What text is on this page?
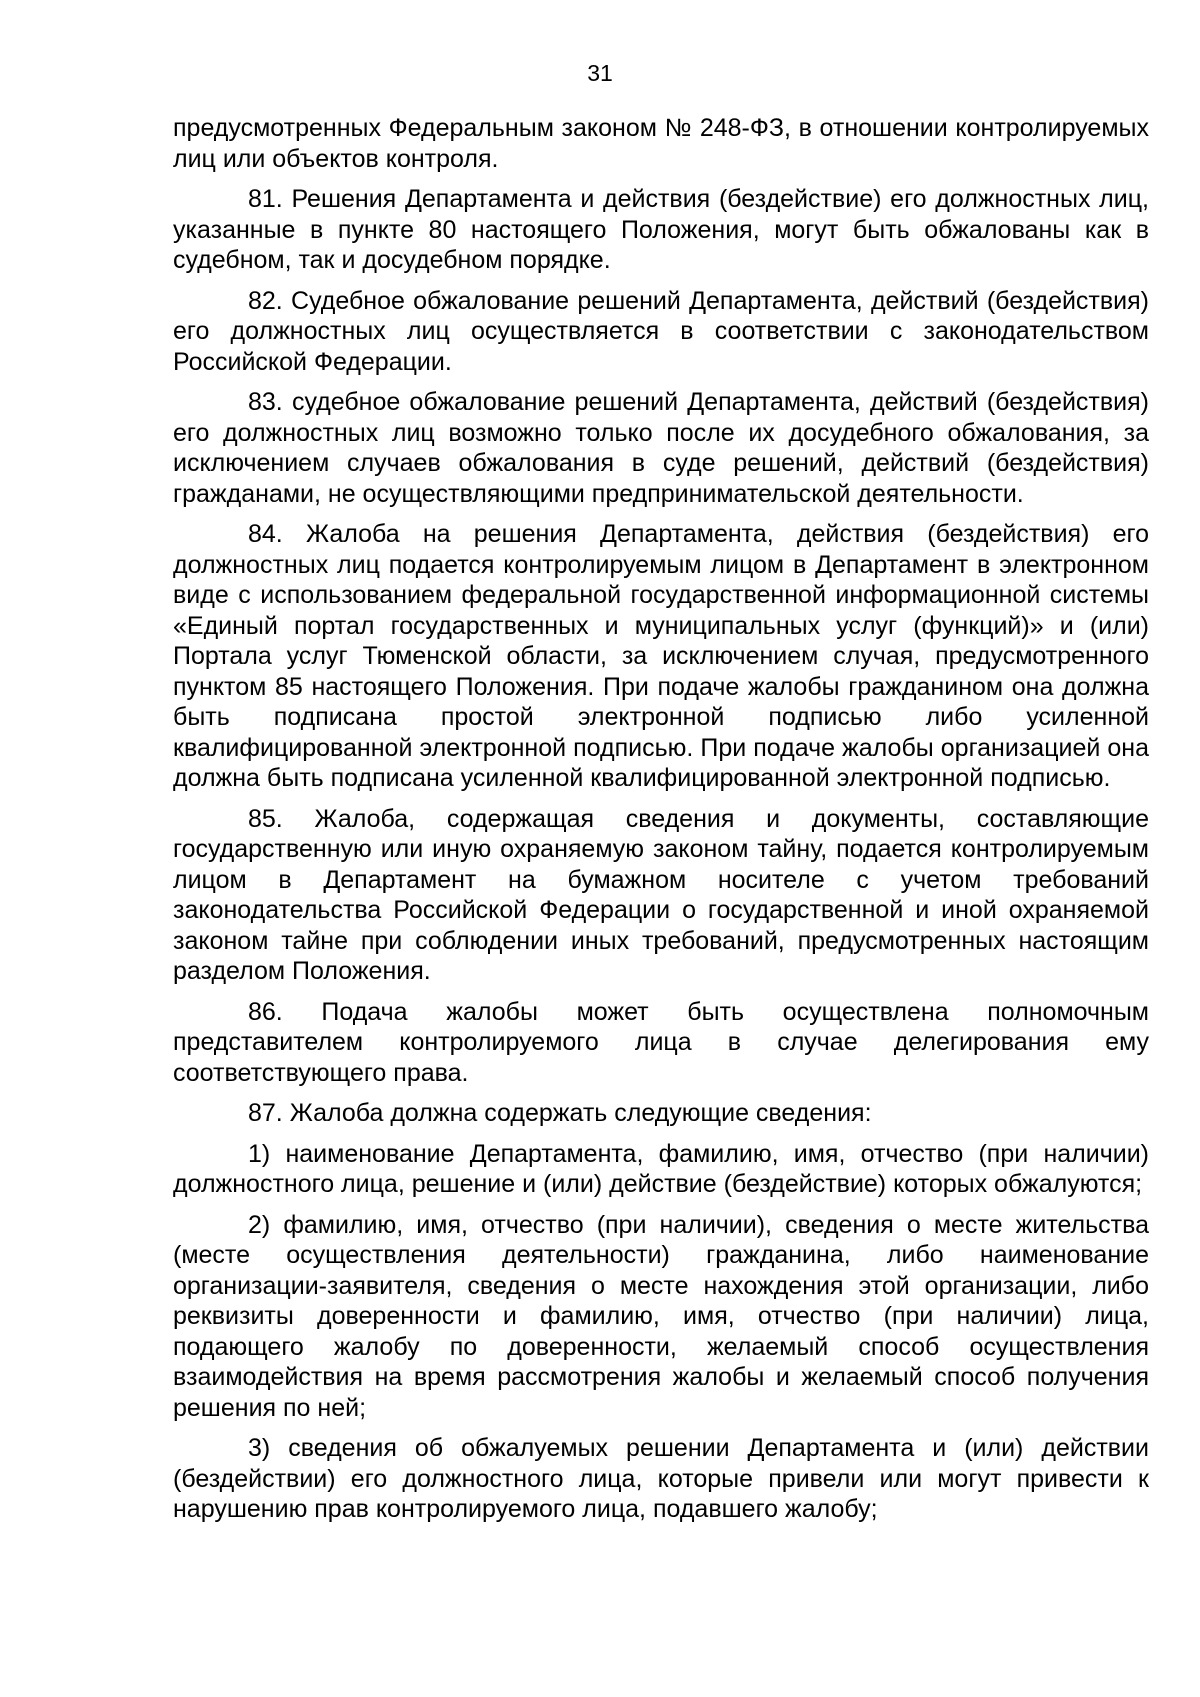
31

предусмотренных Федеральным законом № 248-ФЗ, в отношении контролируемых лиц или объектов контроля.

81. Решения Департамента и действия (бездействие) его должностных лиц, указанные в пункте 80 настоящего Положения, могут быть обжалованы как в судебном, так и досудебном порядке.

82. Судебное обжалование решений Департамента, действий (бездействия) его должностных лиц осуществляется в соответствии с законодательством Российской Федерации.

83. судебное обжалование решений Департамента, действий (бездействия) его должностных лиц возможно только после их досудебного обжалования, за исключением случаев обжалования в суде решений, действий (бездействия) гражданами, не осуществляющими предпринимательской деятельности.

84. Жалоба на решения Департамента, действия (бездействия) его должностных лиц подается контролируемым лицом в Департамент в электронном виде с использованием федеральной государственной информационной системы «Единый портал государственных и муниципальных услуг (функций)» и (или) Портала услуг Тюменской области, за исключением случая, предусмотренного пунктом 85 настоящего Положения. При подаче жалобы гражданином она должна быть подписана простой электронной подписью либо усиленной квалифицированной электронной подписью. При подаче жалобы организацией она должна быть подписана усиленной квалифицированной электронной подписью.

85. Жалоба, содержащая сведения и документы, составляющие государственную или иную охраняемую законом тайну, подается контролируемым лицом в Департамент на бумажном носителе с учетом требований законодательства Российской Федерации о государственной и иной охраняемой законом тайне при соблюдении иных требований, предусмотренных настоящим разделом Положения.

86. Подача жалобы может быть осуществлена полномочным представителем контролируемого лица в случае делегирования ему соответствующего права.

87. Жалоба должна содержать следующие сведения:

1) наименование Департамента, фамилию, имя, отчество (при наличии) должностного лица, решение и (или) действие (бездействие) которых обжалуются;

2) фамилию, имя, отчество (при наличии), сведения о месте жительства (месте осуществления деятельности) гражданина, либо наименование организации-заявителя, сведения о месте нахождения этой организации, либо реквизиты доверенности и фамилию, имя, отчество (при наличии) лица, подающего жалобу по доверенности, желаемый способ осуществления взаимодействия на время рассмотрения жалобы и желаемый способ получения решения по ней;

3) сведения об обжалуемых решении Департамента и (или) действии (бездействии) его должностного лица, которые привели или могут привести к нарушению прав контролируемого лица, подавшего жалобу;
